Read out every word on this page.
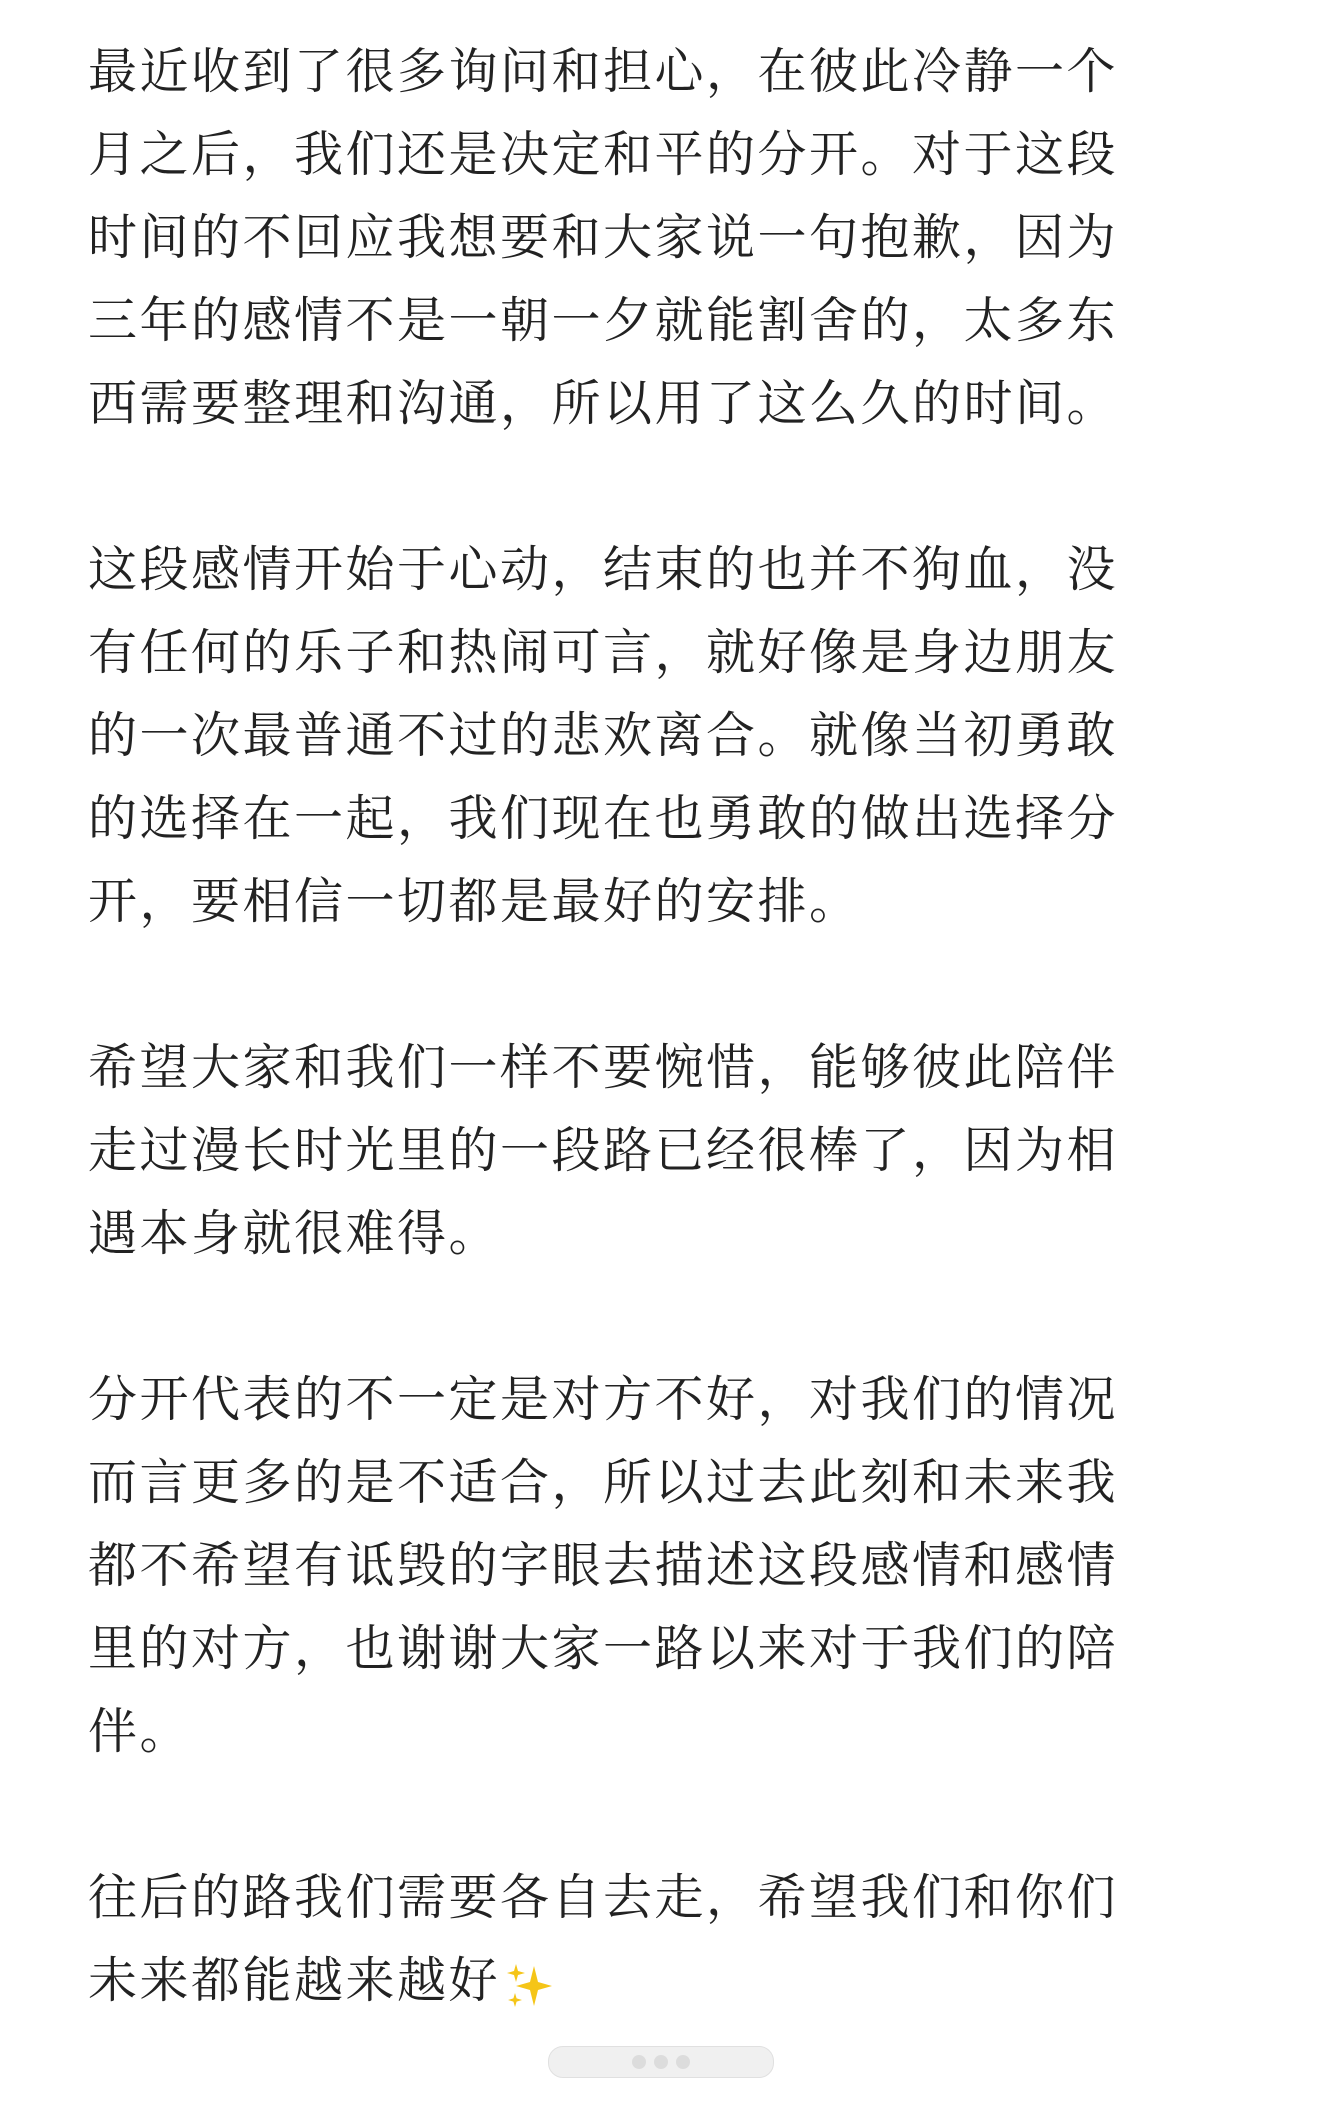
最近收到了很多询问和担心，在彼此冷静一个
月之后，我们还是决定和平的分开。对于这段
时间的不回应我想要和大家说一句抱歉，因为
三年的感情不是一朝一夕就能割舍的，太多东
西需要整理和沟通，所以用了这么久的时间。

这段感情开始于心动，结束的也并不狗血，没
有任何的乐子和热闹可言，就好像是身边朋友
的一次最普通不过的悲欢离合。就像当初勇敢
的选择在一起，我们现在也勇敢的做出选择分
开，要相信一切都是最好的安排。

希望大家和我们一样不要惋惜，能够彼此陪伴
走过漫长时光里的一段路已经很棒了，因为相
遇本身就很难得。

分开代表的不一定是对方不好，对我们的情况
而言更多的是不适合，所以过去此刻和未来我
都不希望有诋毁的字眼去描述这段感情和感情
里的对方，也谢谢大家一路以来对于我们的陪
伴。

往后的路我们需要各自去走，希望我们和你们
未来都能越来越好
